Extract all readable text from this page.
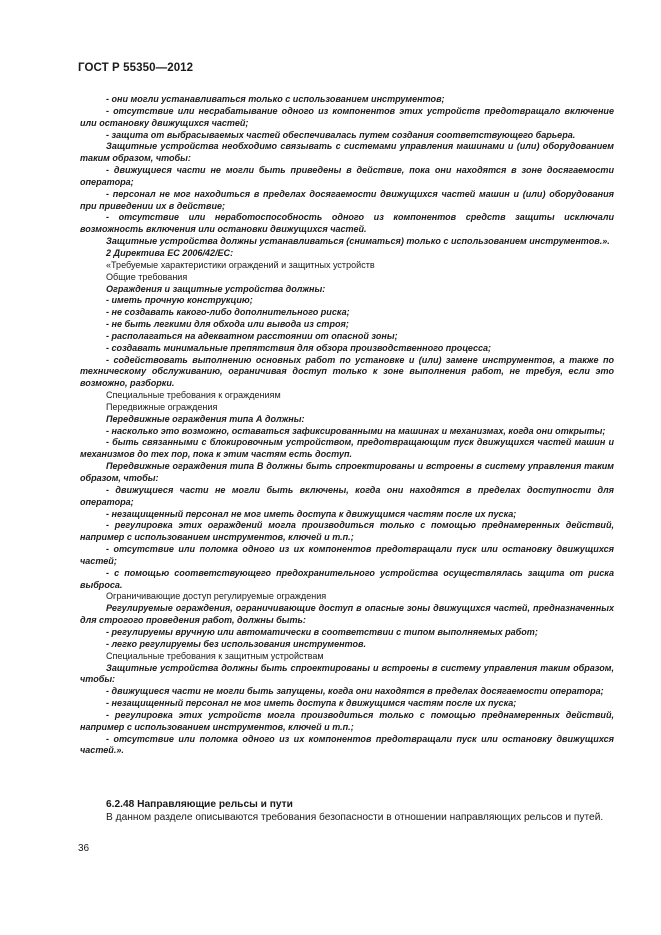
ГОСТ Р 55350—2012

- они могли устанавливаться только с использованием инструментов;

- отсутствие или несрабатывание одного из компонентов этих устройств предотвращало включение или остановку движущихся частей;

- защита от выбрасываемых частей обеспечивалась путем создания соответствующего барьера.

Защитные устройства необходимо связывать с системами управления машинами и (или) оборудованием таким образом, чтобы:

- движущиеся части не могли быть приведены в действие, пока они находятся в зоне досягаемости оператора;

- персонал не мог находиться в пределах досягаемости движущихся частей машин и (или) оборудования при приведении их в действие;

- отсутствие или неработоспособность одного из компонентов средств защиты исключали возможность включения или остановки движущихся частей.

Защитные устройства должны устанавливаться (сниматься) только с использованием инструментов.».

2 Директива ЕС 2006/42/ЕС:

«Требуемые характеристики ограждений и защитных устройств

Общие требования

Ограждения и защитные устройства должны:

- иметь прочную конструкцию;

- не создавать какого-либо дополнительного риска;

- не быть легкими для обхода или вывода из строя;

- располагаться на адекватном расстоянии от опасной зоны;

- создавать минимальные препятствия для обзора производственного процесса;

- содействовать выполнению основных работ по установке и (или) замене инструментов, а также по техническому обслуживанию, ограничивая доступ только к зоне выполнения работ, не требуя, если это возможно, разборки.

Специальные требования к ограждениям

Передвижные ограждения

Передвижные ограждения типа А должны:

- насколько это возможно, оставаться зафиксированными на машинах и механизмах, когда они открыты;

- быть связанными с блокировочным устройством, предотвращающим пуск движущихся частей машин и механизмов до тех пор, пока к этим частям есть доступ.

Передвижные ограждения типа В должны быть спроектированы и встроены в систему управления таким образом, чтобы:

- движущиеся части не могли быть включены, когда они находятся в пределах доступности для оператора;

- незащищенный персонал не мог иметь доступа к движущимся частям после их пуска;

- регулировка этих ограждений могла производиться только с помощью преднамеренных действий, например с использованием инструментов, ключей и т.п.;

- отсутствие или поломка одного из их компонентов предотвращали пуск или остановку движущихся частей;

- с помощью соответствующего предохранительного устройства осуществлялась защита от риска выброса.

Ограничивающие доступ регулируемые ограждения

Регулируемые ограждения, ограничивающие доступ в опасные зоны движущихся частей, предназначенных для строгого проведения работ, должны быть:

- регулируемы вручную или автоматически в соответствии с типом выполняемых работ;

- легко регулируемы без использования инструментов.

Специальные требования к защитным устройствам

Защитные устройства должны быть спроектированы и встроены в систему управления таким образом, чтобы:

- движущиеся части не могли быть запущены, когда они находятся в пределах досягаемости оператора;

- незащищенный персонал не мог иметь доступа к движущимся частям после их пуска;

- регулировка этих устройств могла производиться только с помощью преднамеренных действий, например с использованием инструментов, ключей и т.п.;

- отсутствие или поломка одного из их компонентов предотвращали пуск или остановку движущихся частей.».

6.2.48 Направляющие рельсы и пути

В данном разделе описываются требования безопасности в отношении направляющих рельсов и путей.

36
